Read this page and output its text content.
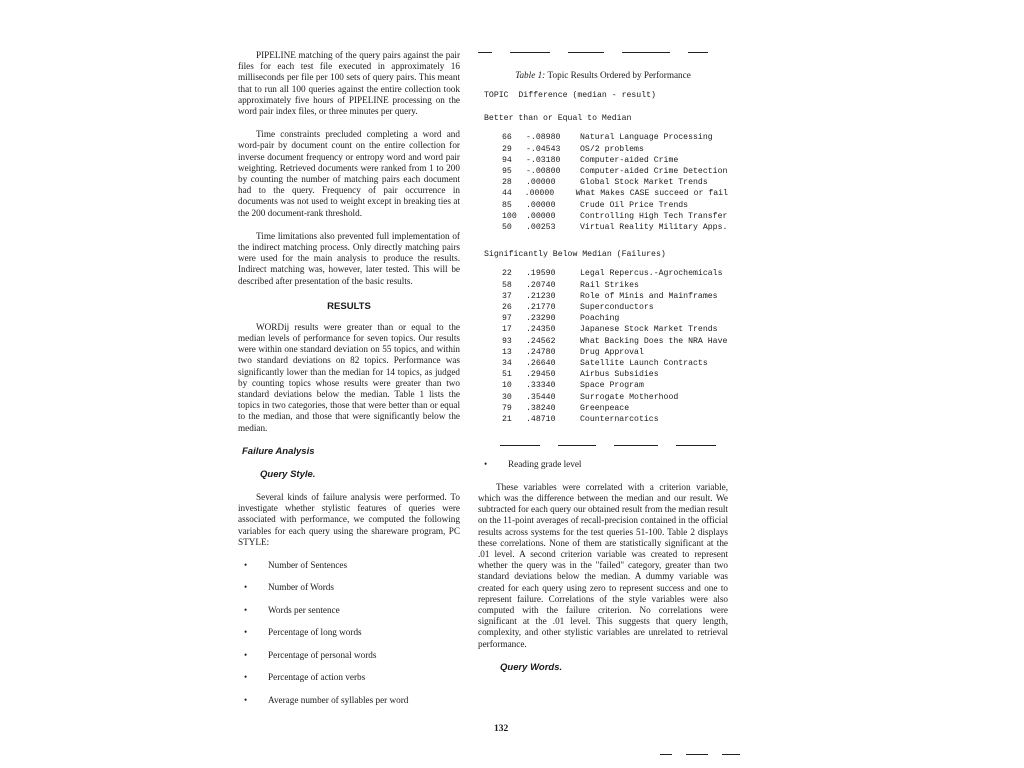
PIPELINE matching of the query pairs against the pair files for each test file executed in approximately 16 milliseconds per file per 100 sets of query pairs. This meant that to run all 100 queries against the entire collection took approximately five hours of PIPELINE processing on the word pair index files, or three minutes per query.

Time constraints precluded completing a word and word-pair by document count on the entire collection for inverse document frequency or entropy word and word pair weighting. Retrieved documents were ranked from 1 to 200 by counting the number of matching pairs each document had to the query. Frequency of pair occurrence in documents was not used to weight except in breaking ties at the 200 document-rank threshold.

Time limitations also prevented full implementation of the indirect matching process. Only directly matching pairs were used for the main analysis to produce the results. Indirect matching was, however, later tested. This will be described after presentation of the basic results.

RESULTS

WORDij results were greater than or equal to the median levels of performance for seven topics. Our results were within one standard deviation on 55 topics, and within two standard deviations on 82 topics. Performance was significantly lower than the median for 14 topics, as judged by counting topics whose results were greater than two standard deviations below the median. Table 1 lists the topics in two categories, those that were better than or equal to the median, and those that were significantly below the median.

Failure Analysis
Query Style.

Several kinds of failure analysis were performed. To investigate whether stylistic features of queries were associated with performance, we computed the following variables for each query using the shareware program, PC STYLE:

• Number of Sentences
• Number of Words
• Words per sentence
• Percentage of long words
• Percentage of personal words
• Percentage of action verbs
• Average number of syllables per word
Table 1: Topic Results Ordered by Performance
TOPIC  Difference (median - result)
Better than or Equal to Median
66	-.08980	Natural Language Processing
29	-.04543	OS/2 problems
94	-.03180	Computer-aided Crime
95	-.00800	Computer-aided Crime Detection
28	.00000	Global Stock Market Trends
44	.00000	What Makes CASE succeed or fail
85	.00000	Crude Oil Price Trends
100	.00000	Controlling High Tech Transfer
50	.00253	Virtual Reality Military Apps.
Significantly Below Median (Failures)
22	.19590	Legal Repercus.-Agrochemicals
58	.20740	Rail Strikes
37	.21230	Role of Minis and Mainframes
26	.21770	Superconductors
97	.23290	Poaching
17	.24350	Japanese Stock Market Trends
93	.24562	What Backing Does the NRA Have
13	.24780	Drug Approval
34	.26640	Satellite Launch Contracts
51	.29450	Airbus Subsidies
10	.33340	Space Program
30	.35440	Surrogate Motherhood
79	.38240	Greenpeace
21	.48710	Counternarcotics
• Reading grade level

These variables were correlated with a criterion variable, which was the difference between the median and our result. We subtracted for each query our obtained result from the median result on the 11-point averages of recall-precision contained in the official results across systems for the test queries 51-100. Table 2 displays these correlations. None of them are statistically significant at the .01 level. A second criterion variable was created to represent whether the query was in the "failed" category, greater than two standard deviations below the median. A dummy variable was created for each query using zero to represent success and one to represent failure. Correlations of the style variables were also computed with the failure criterion. No correlations were significant at the .01 level. This suggests that query length, complexity, and other stylistic variables are unrelated to retrieval performance.

Query Words.
132
